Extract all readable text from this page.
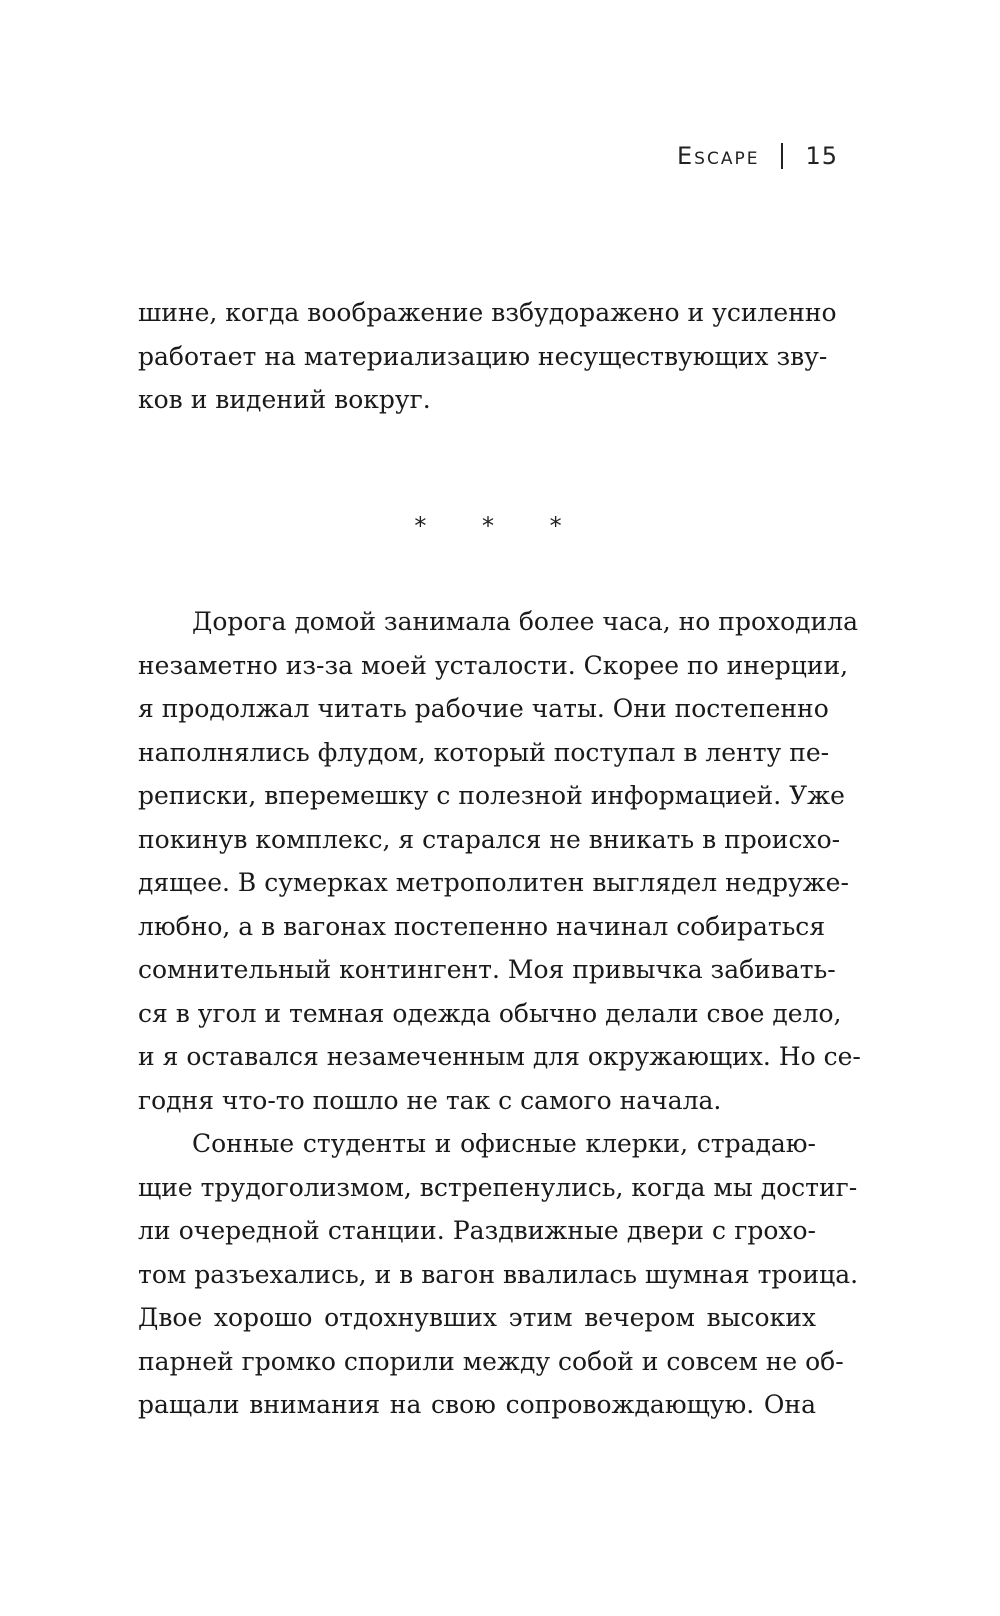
Escape 15
шине, когда воображение взбудоражено и усиленно
работает на материализацию несуществующих зву-
ков и видений вокруг.
* * *

Дорога домой занимала более часа, но проходила
незаметно из-за моей усталости. Скорее по инерции,
я продолжал читать рабочие чаты. Они постепенно
наполнялись флудом, который поступал в ленту пе-
реписки, вперемешку с полезной информацией. Уже
покинув комплекс, я старался не вникать в происхо-
дящее. В сумерках метрополитен выглядел недруже-
любно, а в вагонах постепенно начинал собираться
сомнительный контингент. Моя привычка забивать-
ся в угол и темная одежда обычно делали свое дело,
и я оставался незамеченным для окружающих. Но се-
годня что-то пошло не так с самого начала.

Сонные студенты и офисные клерки, страдаю-
щие трудоголизмом, встрепенулись, когда мы достиг-
ли очередной станции. Раздвижные двери с грохо-
том разъехались, и в вагон ввалилась шумная троица.
Двое хорошо отдохнувших этим вечером высоких
парней громко спорили между собой и совсем не об-
ращали внимания на свою сопровождающую. Она
